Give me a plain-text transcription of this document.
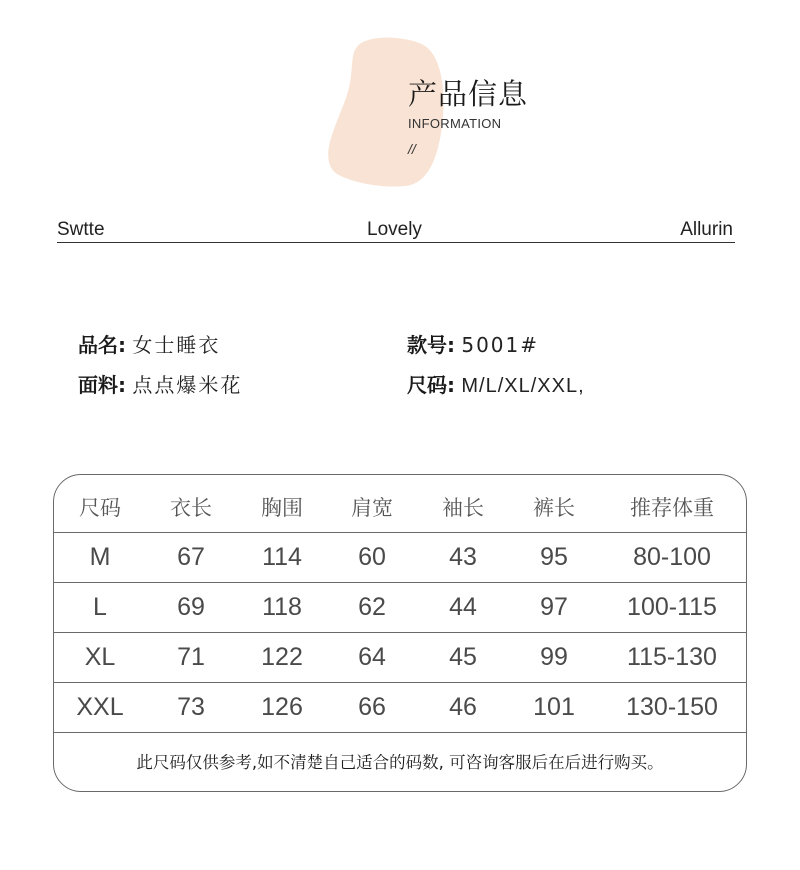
产品信息
INFORMATION
//
Swtte	Lovely	Allurin
品名: 女士睡衣	款号: 5001#
面料: 点点爆米花	尺码: M/L/XL/XXL,
尺码	衣长	胸围	肩宽	袖长	裤长	推荐体重
M	67	114	60	43	95	80-100
L	69	118	62	44	97	100-115
XL	71	122	64	45	99	115-130
XXL	73	126	66	46	101	130-150
此尺码仅供参考,如不清楚自己适合的码数, 可咨询客服后在后进行购买。
